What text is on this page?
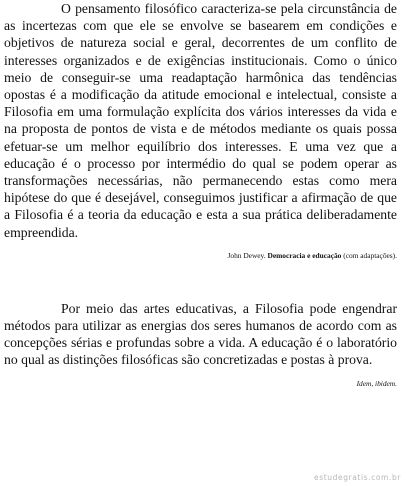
O pensamento filosófico caracteriza-se pela circunstância de as incertezas com que ele se envolve se basearem em condições e objetivos de natureza social e geral, decorrentes de um conflito de interesses organizados e de exigências institucionais. Como o único meio de conseguir-se uma readaptação harmônica das tendências opostas é a modificação da atitude emocional e intelectual, consiste a Filosofia em uma formulação explícita dos vários interesses da vida e na proposta de pontos de vista e de métodos mediante os quais possa efetuar-se um melhor equilíbrio dos interesses. E uma vez que a educação é o processo por intermédio do qual se podem operar as transformações necessárias, não permanecendo estas como mera hipótese do que é desejável, conseguimos justificar a afirmação de que a Filosofia é a teoria da educação e esta a sua prática deliberadamente empreendida.

John Dewey. Democracia e educação (com adaptações).

Por meio das artes educativas, a Filosofia pode engendrar métodos para utilizar as energias dos seres humanos de acordo com as concepções sérias e profundas sobre a vida. A educação é o laboratório no qual as distinções filosóficas são concretizadas e postas à prova.

Idem, ibidem.
estudegratis.com.br
